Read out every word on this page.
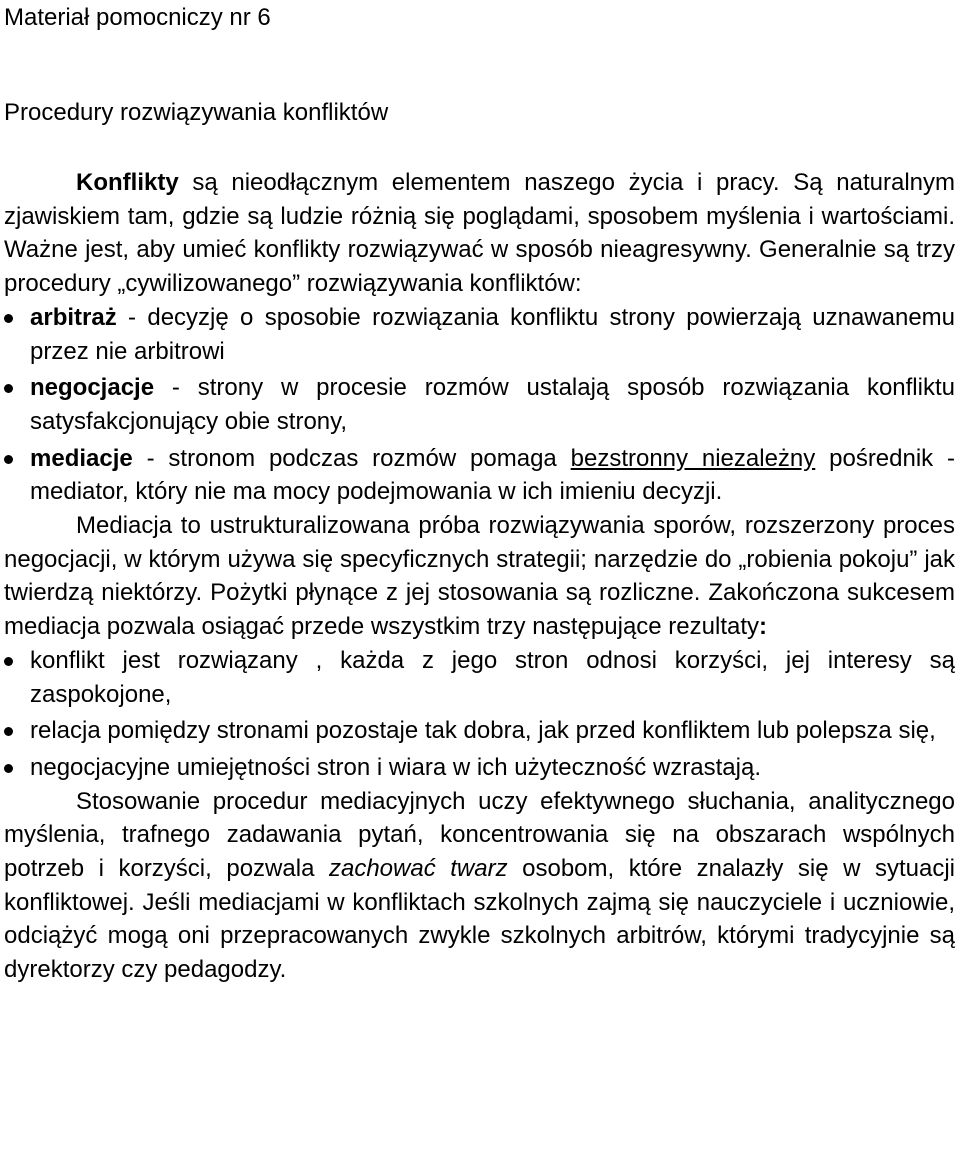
Materiał pomocniczy nr 6
Procedury rozwiązywania konfliktów

Konflikty są nieodłącznym elementem naszego życia i pracy. Są naturalnym zjawiskiem tam, gdzie są ludzie różnią się poglądami, sposobem myślenia i wartościami. Ważne jest, aby umieć konflikty rozwiązywać w sposób nieagresywny. Generalnie są trzy procedury „cywilizowanego” rozwiązywania konfliktów:

arbitraż - decyzję o sposobie rozwiązania konfliktu strony powierzają uznawanemu przez nie arbitrowi
negocjacje - strony w procesie rozmów ustalają sposób rozwiązania konfliktu satysfakcjonujący obie strony,
mediacje - stronom podczas rozmów pomaga bezstronny niezależny pośrednik - mediator, który nie ma mocy podejmowania w ich imieniu decyzji.

Mediacja to ustrukturalizowana próba rozwiązywania sporów, rozszerzony proces negocjacji, w którym używa się specyficznych strategii; narzędzie do „robienia pokoju” jak twierdzą niektórzy. Pożytki płynące z jej stosowania są rozliczne. Zakończona sukcesem mediacja pozwala osiągać przede wszystkim trzy następujące rezultaty:

konflikt jest rozwiązany , każda z jego stron odnosi korzyści, jej interesy są zaspokojone,
relacja pomiędzy stronami pozostaje tak dobra, jak przed konfliktem lub polepsza się,
negocjacyjne umiejętności stron i wiara w ich użyteczność wzrastają.

Stosowanie procedur mediacyjnych uczy efektywnego słuchania, analitycznego myślenia, trafnego zadawania pytań, koncentrowania się na obszarach wspólnych potrzeb i korzyści, pozwala zachować twarz osobom, które znalazły się w sytuacji konfliktowej. Jeśli mediacjami w konfliktach szkolnych zajmą się nauczyciele i uczniowie, odciążyć mogą oni przepracowanych zwykle szkolnych arbitrów, którymi tradycyjnie są dyrektorzy czy pedagodzy.
